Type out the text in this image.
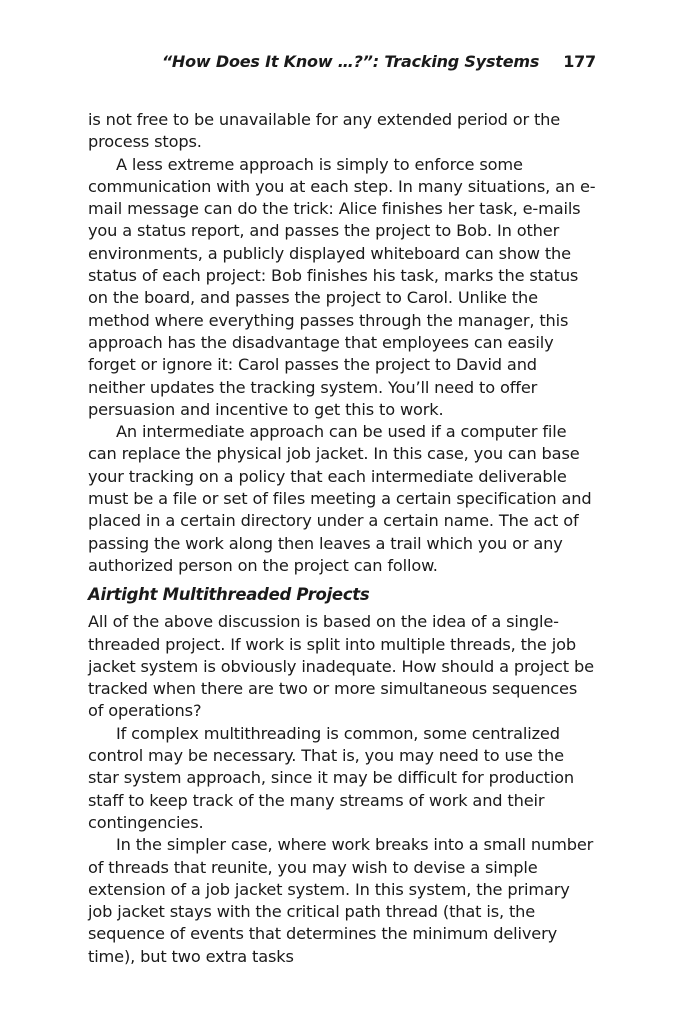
“How Does It Know …?”: Tracking Systems 177

is not free to be unavailable for any extended period or the process stops.

A less extreme approach is simply to enforce some communication with you at each step. In many situations, an e-mail message can do the trick: Alice finishes her task, e-mails you a status report, and passes the project to Bob. In other environments, a publicly displayed whiteboard can show the status of each project: Bob finishes his task, marks the status on the board, and passes the project to Carol. Unlike the method where everything passes through the manager, this approach has the disadvantage that employees can easily forget or ignore it: Carol passes the project to David and neither updates the tracking system. You’ll need to offer persuasion and incentive to get this to work.

An intermediate approach can be used if a computer file can replace the physical job jacket. In this case, you can base your tracking on a policy that each intermediate deliverable must be a file or set of files meeting a certain specification and placed in a certain directory under a certain name. The act of passing the work along then leaves a trail which you or any authorized person on the project can follow.

Airtight Multithreaded Projects

All of the above discussion is based on the idea of a single-threaded project. If work is split into multiple threads, the job jacket system is obviously inadequate. How should a project be tracked when there are two or more simultaneous sequences of operations?

If complex multithreading is common, some centralized control may be necessary. That is, you may need to use the star system approach, since it may be difficult for production staff to keep track of the many streams of work and their contingencies.

In the simpler case, where work breaks into a small number of threads that reunite, you may wish to devise a simple extension of a job jacket system. In this system, the primary job jacket stays with the critical path thread (that is, the sequence of events that determines the minimum delivery time), but two extra tasks
